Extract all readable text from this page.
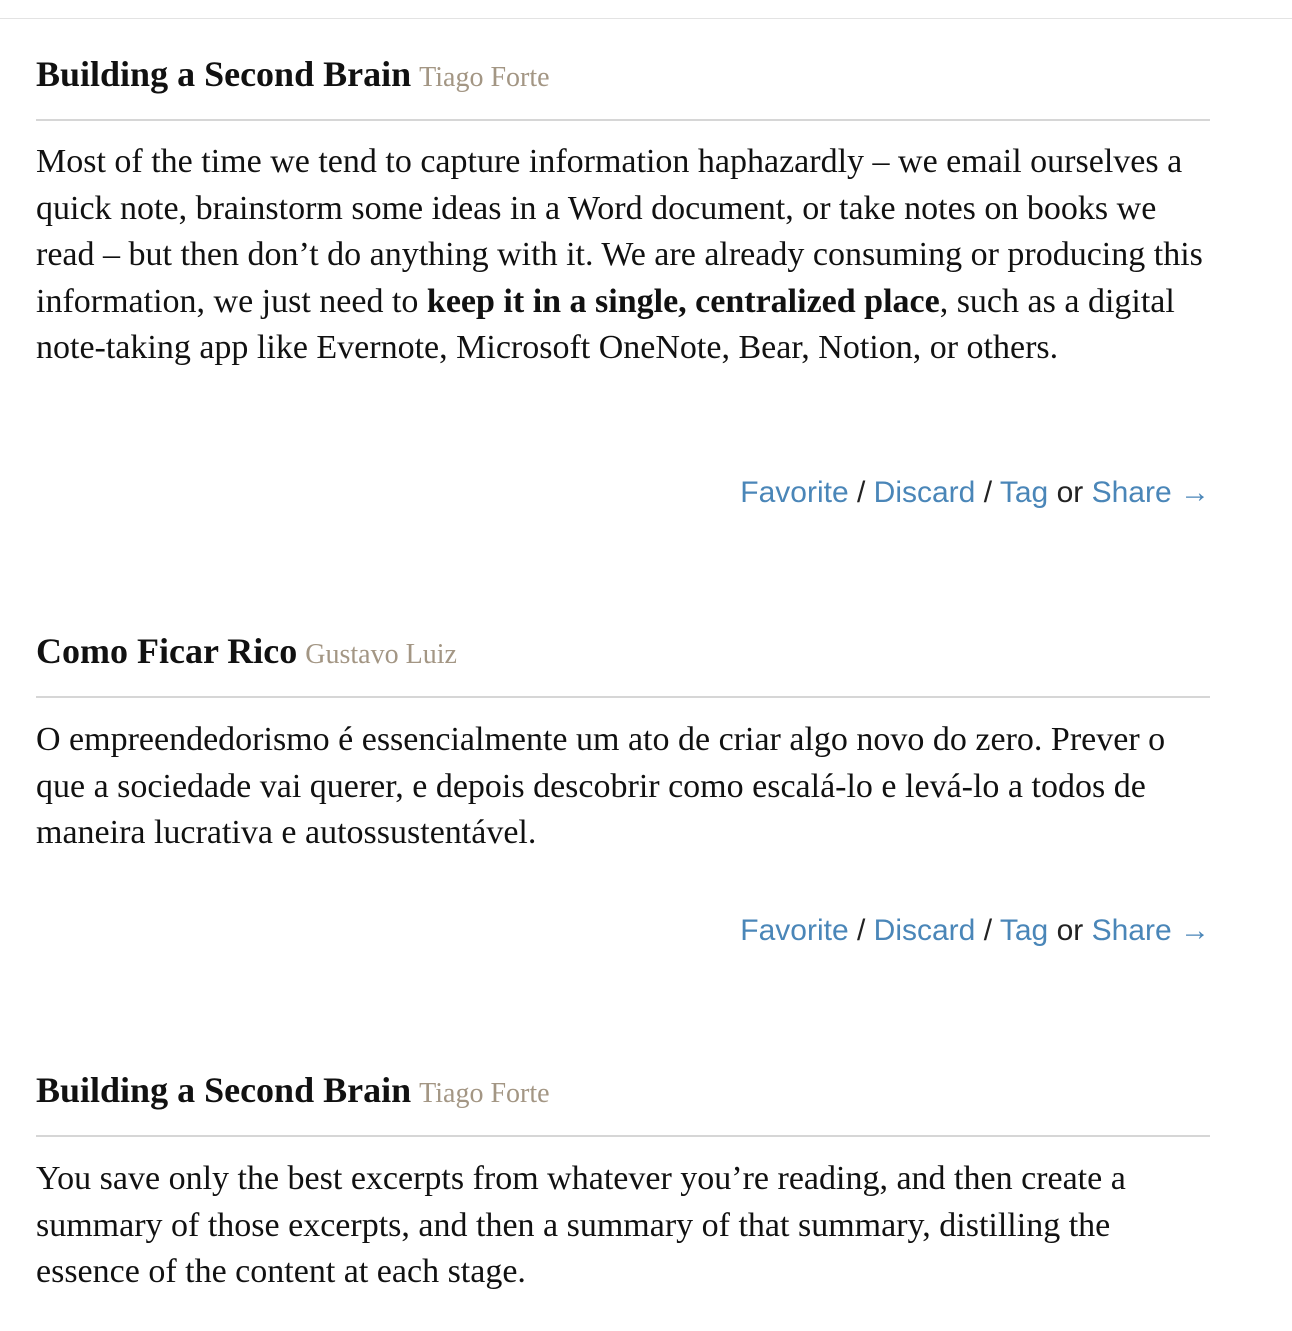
Building a Second Brain Tiago Forte

Most of the time we tend to capture information haphazardly – we email ourselves a quick note, brainstorm some ideas in a Word document, or take notes on books we read – but then don’t do anything with it. We are already consuming or producing this information, we just need to keep it in a single, centralized place, such as a digital note-taking app like Evernote, Microsoft OneNote, Bear, Notion, or others.

Favorite / Discard / Tag or Share →
Como Ficar Rico Gustavo Luiz

O empreendedorismo é essencialmente um ato de criar algo novo do zero. Prever o que a sociedade vai querer, e depois descobrir como escalá-lo e levá-lo a todos de maneira lucrativa e autossustentável.

Favorite / Discard / Tag or Share →
Building a Second Brain Tiago Forte

You save only the best excerpts from whatever you’re reading, and then create a summary of those excerpts, and then a summary of that summary, distilling the essence of the content at each stage.
